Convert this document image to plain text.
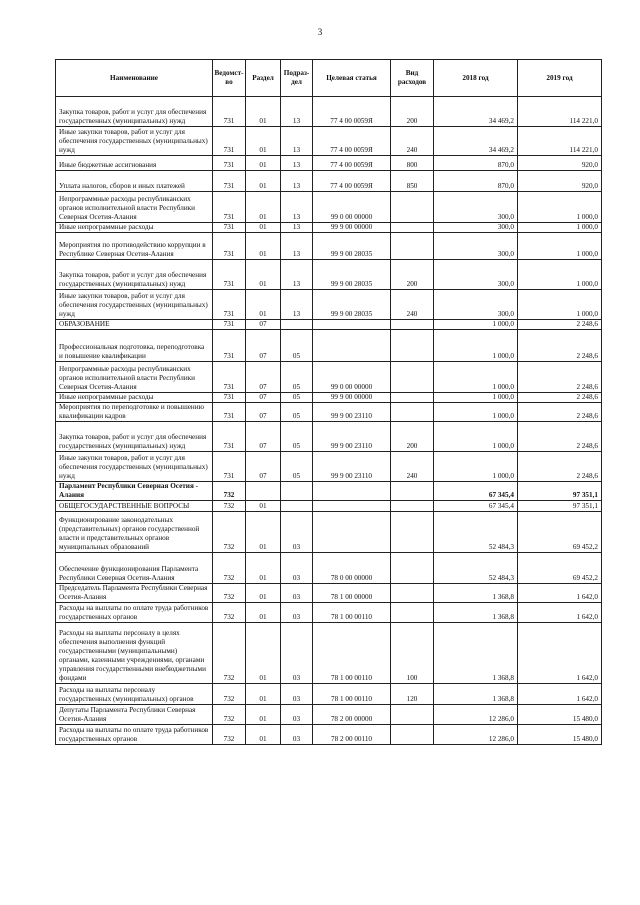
3
Наименование	Ведомст-во	Раздел	Подраз-дел	Целевая статья	Вид расходов	2018 год	2019 год
Закупка товаров, работ и услуг для обеспечения государственных (муниципальных) нужд	731	01	13	77 4 00 0059Я	200	34 469,2	114 221,0
Иные закупки товаров, работ и услуг для обеспечения государственных (муниципальных) нужд	731	01	13	77 4 00 0059Я	240	34 469,2	114 221,0
Иные бюджетные ассигнования	731	01	13	77 4 00 0059Я	800	870,0	920,0
Уплата налогов, сборов и иных платежей	731	01	13	77 4 00 0059Я	850	870,0	920,0
Непрограммные расходы республиканских органов исполнительной власти Республики Северная Осетия-Алания	731	01	13	99 0 00 00000		300,0	1 000,0
Иные непрограммные расходы	731	01	13	99 9 00 00000		300,0	1 000,0
Мероприятия по противодействию коррупции в Республике Северная Осетия-Алания	731	01	13	99 9 00 28035		300,0	1 000,0
Закупка товаров, работ и услуг для обеспечения государственных (муниципальных) нужд	731	01	13	99 9 00 28035	200	300,0	1 000,0
Иные закупки товаров, работ и услуг для обеспечения государственных (муниципальных) нужд	731	01	13	99 9 00 28035	240	300,0	1 000,0
ОБРАЗОВАНИЕ	731	07				1 000,0	2 248,6
Профессиональная подготовка, переподготовка и повышение квалификации	731	07	05			1 000,0	2 248,6
Непрограммные расходы республиканских органов исполнительной власти Республики Северная Осетия-Алания	731	07	05	99 0 00 00000		1 000,0	2 248,6
Иные непрограммные расходы	731	07	05	99 9 00 00000		1 000,0	2 248,6
Мероприятия по переподготовке и повышению квалификации кадров	731	07	05	99 9 00 23110		1 000,0	2 248,6
Закупка товаров, работ и услуг для обеспечения государственных (муниципальных) нужд	731	07	05	99 9 00 23110	200	1 000,0	2 248,6
Иные закупки товаров, работ и услуг для обеспечения государственных (муниципальных) нужд	731	07	05	99 9 00 23110	240	1 000,0	2 248,6
Парламент Республики Северная Осетия - Алания	732					67 345,4	97 351,1
ОБЩЕГОСУДАРСТВЕННЫЕ ВОПРОСЫ	732	01				67 345,4	97 351,1
Функционирование законодательных (представительных) органов государственной власти и представительных органов муниципальных образований	732	01	03			52 484,3	69 452,2
Обеспечение функционирования Парламента Республики Северная Осетия-Алания	732	01	03	78 0 00 00000		52 484,3	69 452,2
Председатель Парламента Республики Северная Осетия-Алания	732	01	03	78 1 00 00000		1 368,8	1 642,0
Расходы на выплаты по оплате труда работников государственных органов	732	01	03	78 1 00 00110		1 368,8	1 642,0
Расходы на выплаты персоналу в целях обеспечения выполнения функций государственными (муниципальными) органами, казенными учреждениями, органами управления государственными внебюджетными фондами	732	01	03	78 1 00 00110	100	1 368,8	1 642,0
Расходы на выплаты персоналу государственных (муниципальных) органов	732	01	03	78 1 00 00110	120	1 368,8	1 642,0
Депутаты Парламента Республики Северная Осетия-Алания	732	01	03	78 2 00 00000		12 286,0	15 480,0
Расходы на выплаты по оплате труда работников государственных органов	732	01	03	78 2 00 00110		12 286,0	15 480,0
